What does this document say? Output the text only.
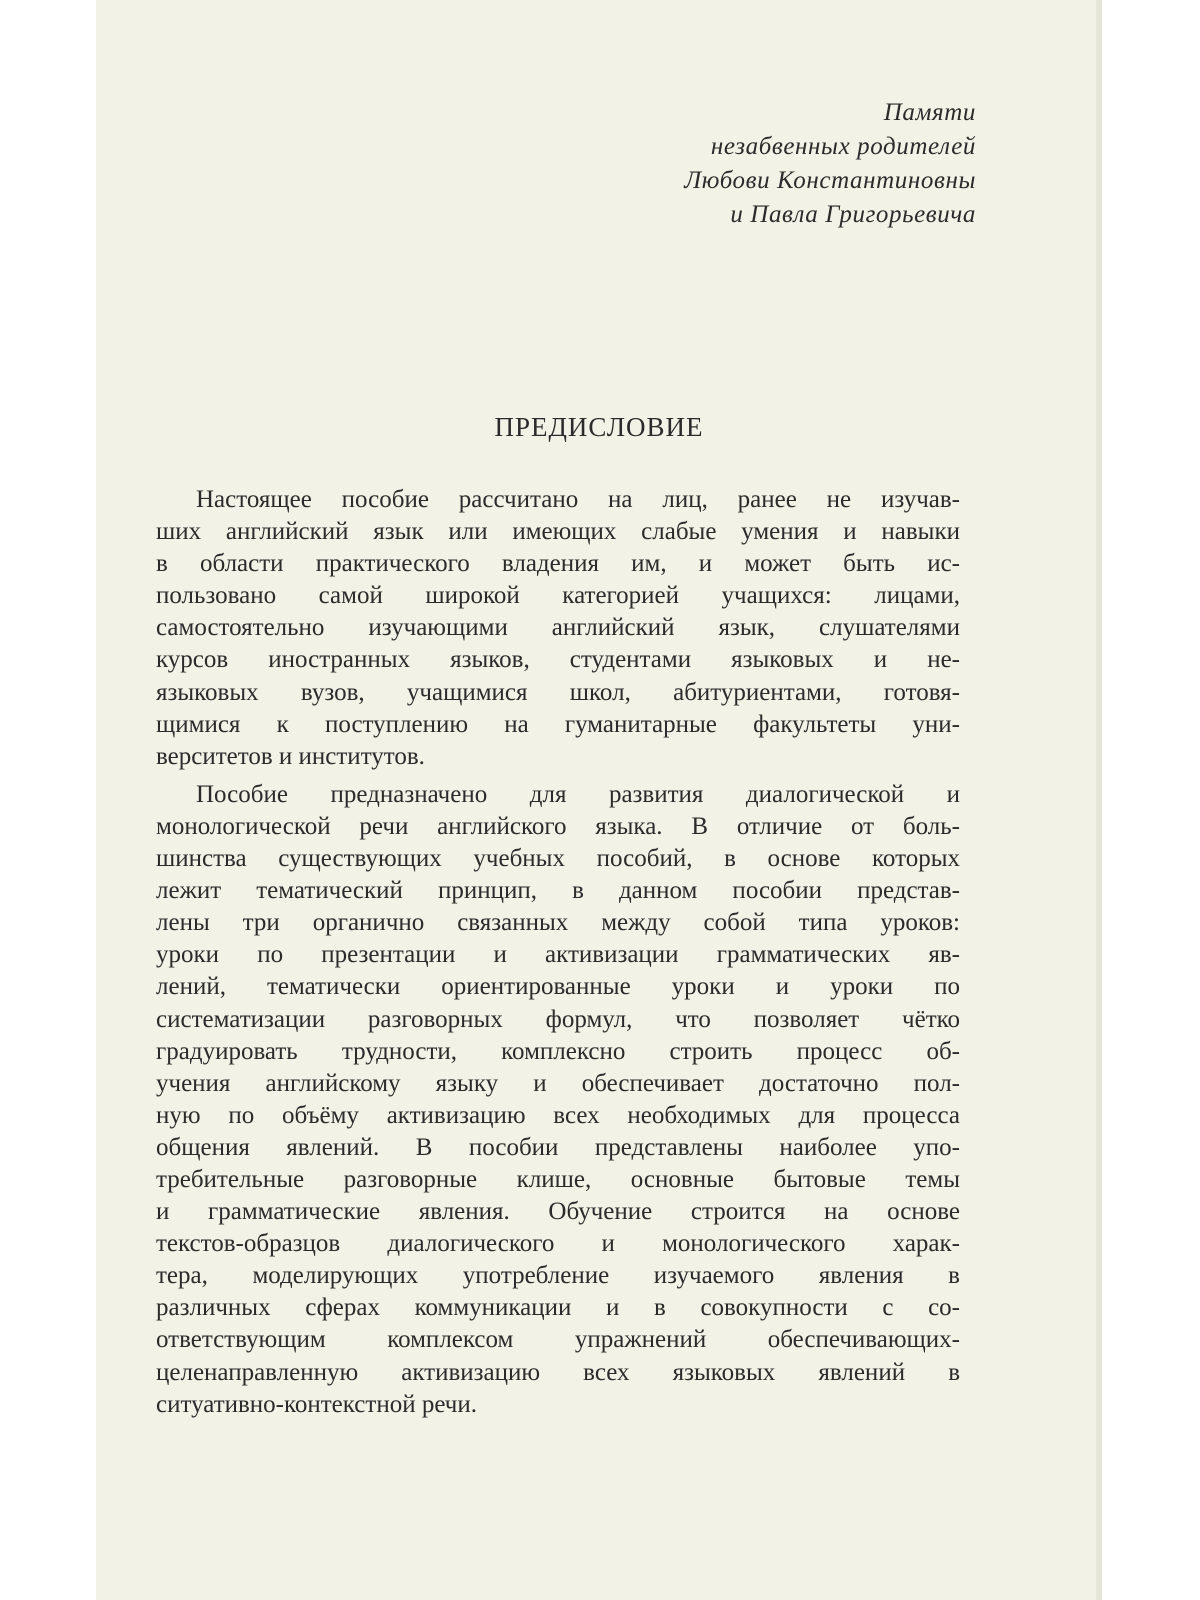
Памяти
незабвенных родителей
Любови Константиновны
и Павла Григорьевича
ПРЕДИСЛОВИЕ
Настоящее пособие рассчитано на лиц, ранее не изучав-
ших английский язык или имеющих слабые умения и навыки
в области практического владения им, и может быть ис-
пользовано самой широкой категорией учащихся: лицами,
самостоятельно изучающими английский язык, слушателями
курсов иностранных языков, студентами языковых и не-
языковых вузов, учащимися школ, абитуриентами, готовя-
щимися к поступлению на гуманитарные факультеты уни-
верситетов и институтов.
Пособие предназначено для развития диалогической и
монологической речи английского языка. В отличие от боль-
шинства существующих учебных пособий, в основе которых
лежит тематический принцип, в данном пособии представ-
лены три органично связанных между собой типа уроков:
уроки по презентации и активизации грамматических яв-
лений, тематически ориентированные уроки и уроки по
систематизации разговорных формул, что позволяет чётко
градуировать трудности, комплексно строить процесс об-
учения английскому языку и обеспечивает достаточно пол-
ную по объёму активизацию всех необходимых для процесса
общения явлений. В пособии представлены наиболее упо-
требительные разговорные клише, основные бытовые темы
и грамматические явления. Обучение строится на основе
текстов-образцов диалогического и монологического харак-
тера, моделирующих употребление изучаемого явления в
различных сферах коммуникации и в совокупности с со-
ответствующим комплексом упражнений обеспечивающих-
целенаправленную активизацию всех языковых явлений в
ситуативно-контекстной речи.
